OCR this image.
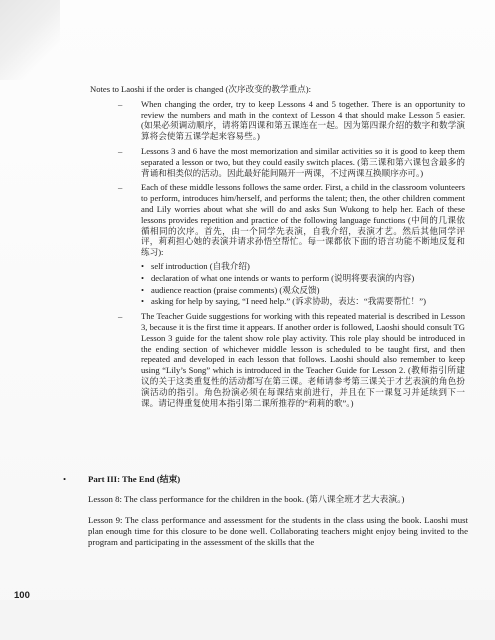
Notes to Laoshi if the order is changed (次序改变的教学重点):

– When changing the order, try to keep Lessons 4 and 5 together. There is an opportunity to review the numbers and math in the context of Lesson 4 that should make Lesson 5 easier. (如果必须调动顺序，请将第四课和第五课连在一起。因为第四课介绍的数字和数学演算将会使第五课学起来容易些。)
– Lessons 3 and 6 have the most memorization and similar activities so it is good to keep them separated a lesson or two, but they could easily switch places. (第三课和第六课包含最多的背诵和相类似的活动。因此最好能间隔开一两课，不过两课互换顺序亦可。)
– Each of these middle lessons follows the same order. First, a child in the classroom volunteers to perform, introduces him/herself, and performs the talent; then, the other children comment and Lily worries about what she will do and asks Sun Wukong to help her. Each of these lessons provides repetition and practice of the following language functions (中间的几课依循相同的次序。首先，由一个同学先表演，自我介绍，表演才艺。然后其他同学评评，莉莉担心她的表演并请求孙悟空帮忙。每一课都依下面的语言功能不断地反复和练习):
• self introduction (自我介绍)
• declaration of what one intends or wants to perform (说明将要表演的内容)
• audience reaction (praise comments) (观众反馈)
• asking for help by saying, “I need help.” (诉求协助，表达：“我需要帮忙！”)
– The Teacher Guide suggestions for working with this repeated material is described in Lesson 3, because it is the first time it appears. If another order is followed, Laoshi should consult TG Lesson 3 guide for the talent show role play activity. This role play should be introduced in the ending section of whichever middle lesson is scheduled to be taught first, and then repeated and developed in each lesson that follows. Laoshi should also remember to keep using “Lily’s Song” which is introduced in the Teacher Guide for Lesson 2. (教师指引所建议的关于这类重复性的活动都写在第三课。老师请参考第三课关于才艺表演的角色扮演活动的指引。角色扮演必须在每课结束前进行，并且在下一课复习并延续到下一课。请记得重复使用本指引第二课所推荐的“莉莉的歌”。)
• Part III: The End (结束)

Lesson 8: The class performance for the children in the book. (第八课全班才艺大表演。)

Lesson 9: The class performance and assessment for the students in the class using the book. Laoshi must plan enough time for this closure to be done well. Collaborating teachers might enjoy being invited to the program and participating in the assessment of the skills that the

100
